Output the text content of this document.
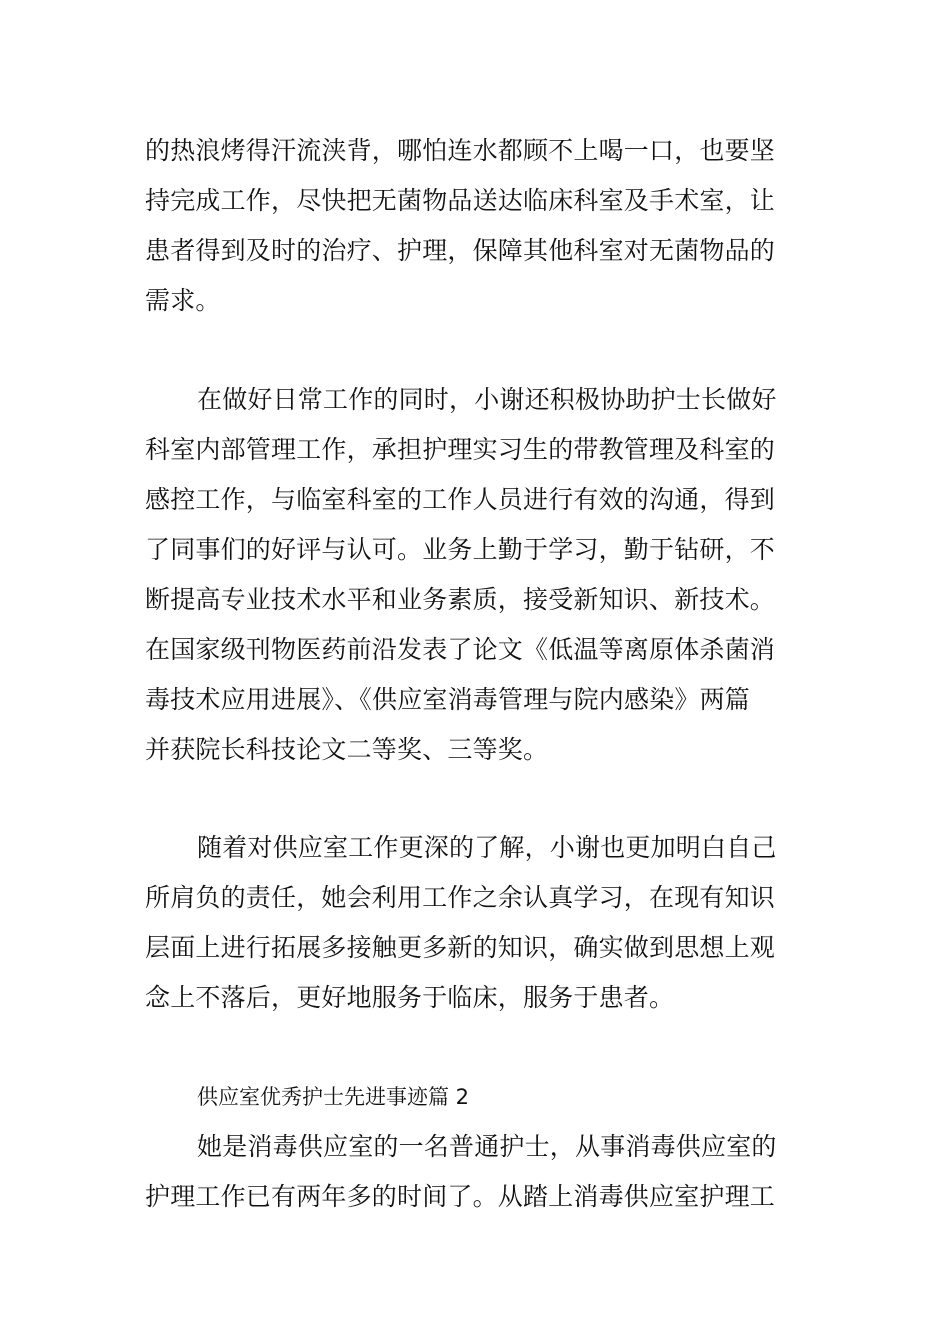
的热浪烤得汗流浃背，哪怕连水都顾不上喝一口，也要坚
持完成工作，尽快把无菌物品送达临床科室及手术室，让
患者得到及时的治疗、护理，保障其他科室对无菌物品的
需求。
在做好日常工作的同时，小谢还积极协助护士长做好
科室内部管理工作，承担护理实习生的带教管理及科室的
感控工作，与临室科室的工作人员进行有效的沟通，得到
了同事们的好评与认可。业务上勤于学习，勤于钻研，不
断提高专业技术水平和业务素质，接受新知识、新技术。
在国家级刊物医药前沿发表了论文《低温等离原体杀菌消
毒技术应用进展》、《供应室消毒管理与院内感染》两篇
并获院长科技论文二等奖、三等奖。
随着对供应室工作更深的了解，小谢也更加明白自己
所肩负的责任，她会利用工作之余认真学习，在现有知识
层面上进行拓展多接触更多新的知识，确实做到思想上观
念上不落后，更好地服务于临床，服务于患者。
供应室优秀护士先进事迹篇 2
她是消毒供应室的一名普通护士，从事消毒供应室的
护理工作已有两年多的时间了。从踏上消毒供应室护理工
